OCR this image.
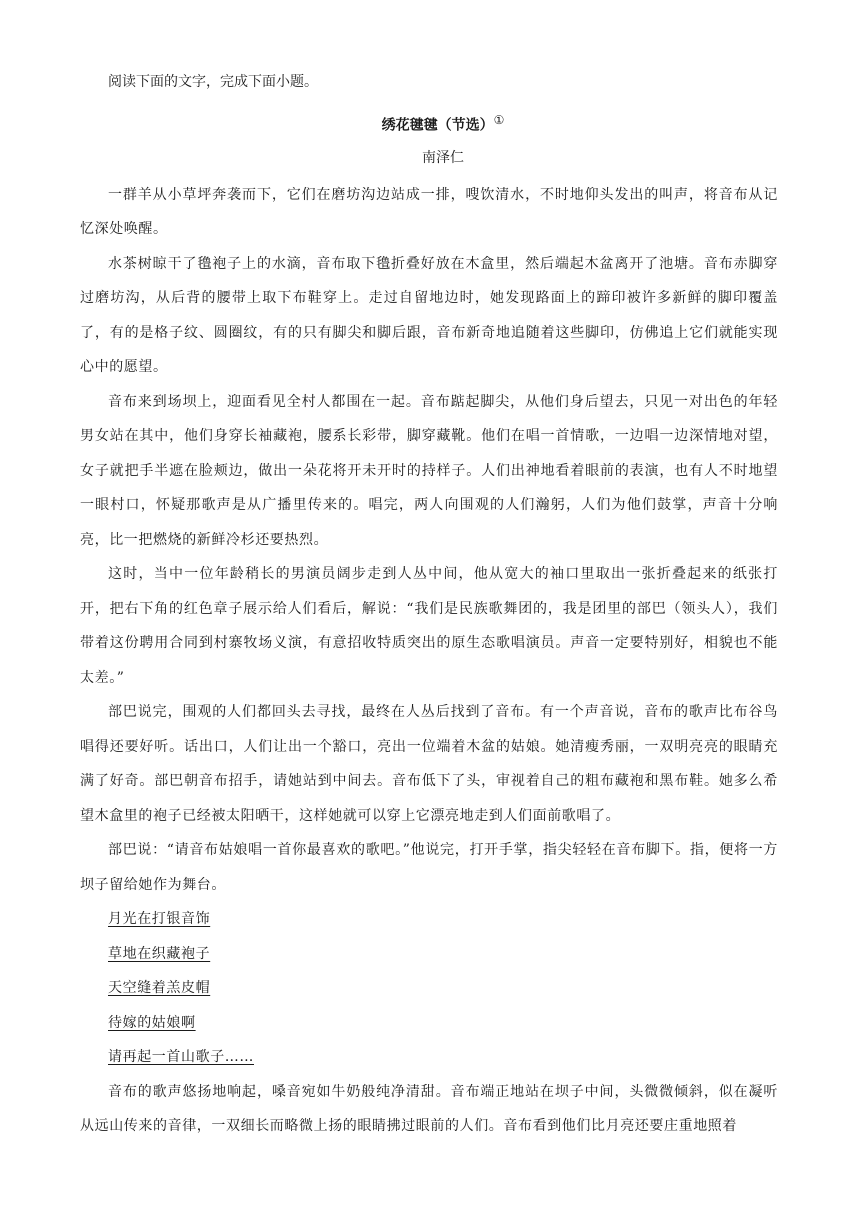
阅读下面的文字，完成下面小题。
绣花毽毽（节选）①
南泽仁

一群羊从小草坪奔袭而下，它们在磨坊沟边站成一排，嗖饮清水，不时地仰头发出的叫声，将音布从记忆深处唤醒。

水茶树晾干了氇袍子上的水滴，音布取下氇折叠好放在木盒里，然后端起木盆离开了池塘。音布赤脚穿过磨坊沟，从后背的腰带上取下布鞋穿上。走过自留地边时，她发现路面上的蹄印被许多新鲜的脚印覆盖了，有的是格子纹、圆圈纹，有的只有脚尖和脚后跟，音布新奇地追随着这些脚印，仿佛追上它们就能实现心中的愿望。

音布来到场坝上，迎面看见全村人都围在一起。音布踮起脚尖，从他们身后望去，只见一对出色的年轻男女站在其中，他们身穿长袖藏袍，腰系长彩带，脚穿藏靴。他们在唱一首情歌，一边唱一边深情地对望，女子就把手半遮在脸颊边，做出一朵花将开未开时的持样子。人们出神地看着眼前的表演，也有人不时地望一眼村口，怀疑那歌声是从广播里传来的。唱完，两人向围观的人们瀚躬，人们为他们鼓掌，声音十分响亮，比一把燃烧的新鲜冷杉还要热烈。

这时，当中一位年龄稍长的男演员阔步走到人丛中间，他从宽大的袖口里取出一张折叠起来的纸张打开，把右下角的红色章子展示给人们看后，解说：“我们是民族歌舞团的，我是团里的部巴（领头人），我们带着这份聘用合同到村寨牧场义演，有意招收特质突出的原生态歌唱演员。声音一定要特别好，相貌也不能太差。”

部巴说完，围观的人们都回头去寻找，最终在人丛后找到了音布。有一个声音说，音布的歌声比布谷鸟唱得还要好听。话出口，人们让出一个豁口，亮出一位端着木盆的姑娘。她清瘦秀丽，一双明亮亮的眼睛充满了好奇。部巴朝音布招手，请她站到中间去。音布低下了头，审视着自己的粗布藏袍和黑布鞋。她多么希望木盒里的袍子已经被太阳晒干，这样她就可以穿上它漂亮地走到人们面前歌唱了。

部巴说：“请音布姑娘唱一首你最喜欢的歌吧。”他说完，打开手掌，指尖轻轻在音布脚下。指，便将一方坝子留给她作为舞台。

月光在打银音饰

草地在织藏袍子

天空缝着羔皮帽

待嫁的姑娘啊

请再起一首山歌子……

音布的歌声悠扬地响起，嗓音宛如牛奶般纯净清甜。音布端正地站在坝子中间，头微微倾斜，似在凝听从远山传来的音律，一双细长而略微上扬的眼睛拂过眼前的人们。音布看到他们比月亮还要庄重地照着
